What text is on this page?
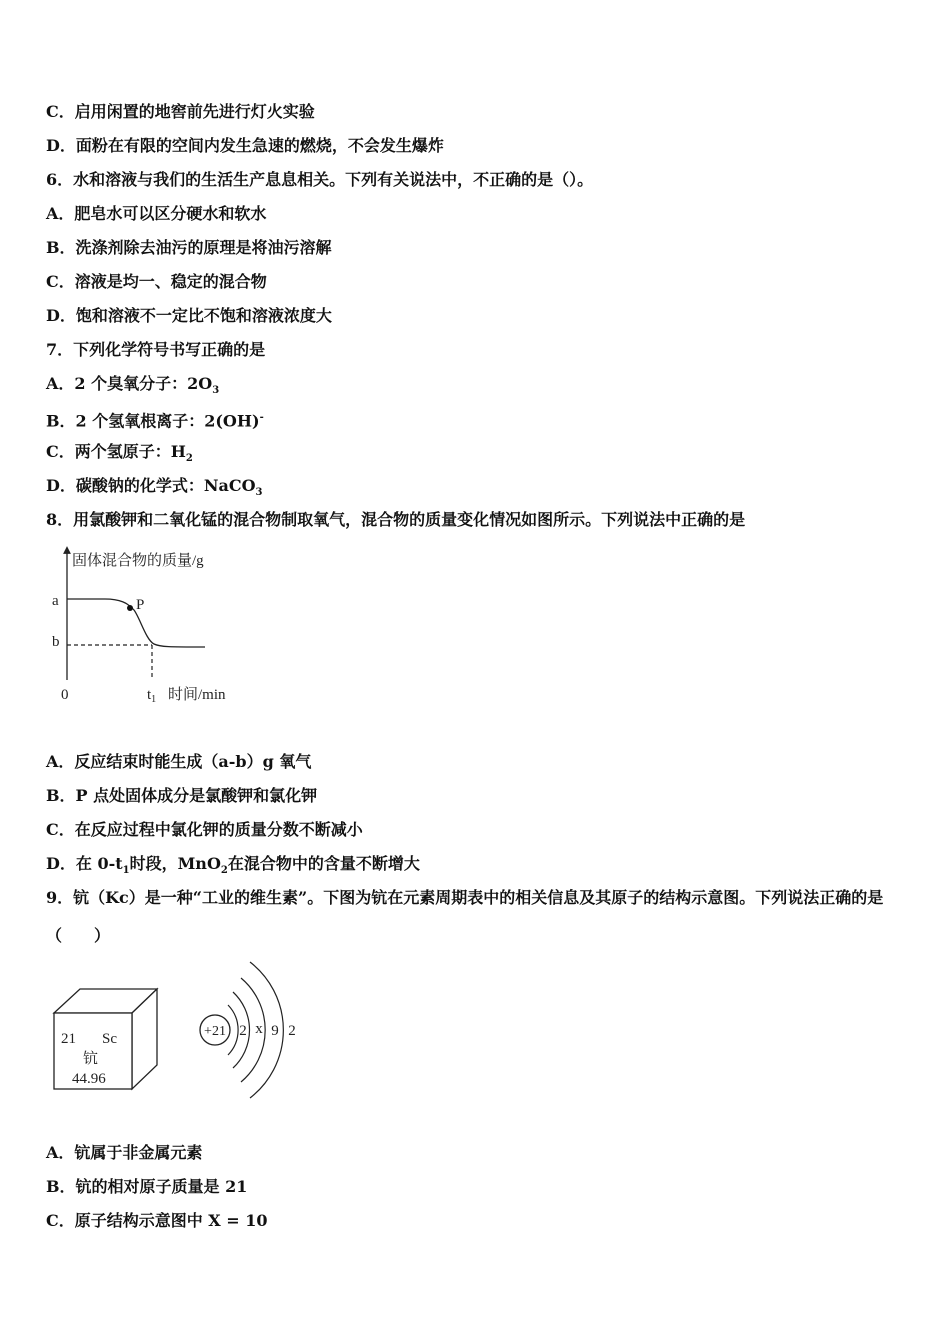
C．启用闲置的地窖前先进行灯火实验
D．面粉在有限的空间内发生急速的燃烧，不会发生爆炸
6．水和溶液与我们的生活生产息息相关。下列有关说法中，不正确的是（）。
A．肥皂水可以区分硬水和软水
B．洗涤剂除去油污的原理是将油污溶解
C．溶液是均一、稳定的混合物
D．饱和溶液不一定比不饱和溶液浓度大
7．下列化学符号书写正确的是
A．2 个臭氧分子：$2O_3$
B．2 个氢氧根离子：2(OH)-
C．两个氢原子：$H_2$
D．碳酸钠的化学式：NaCO$_3$
8．用氯酸钾和二氧化锰的混合物制取氧气，混合物的质量变化情况如图所示。下列说法中正确的是
固体混合物的质量/g
a
b
0
P
$t_1$ 时间/min
A．反应结束时能生成（a-b）g 氧气
B．P 点处固体成分是氯酸钾和氯化钾
C．在反应过程中氯化钾的质量分数不断减小
D．在 $0-t_1$时段，MnO$_2$在混合物中的含量不断增大
9．钪（Kc）是一种“工业的维生素”。下图为钪在元素周期表中的相关信息及其原子的结构示意图。下列说法正确的是
（　　）
21 Sc
钪
44.96
+21 2 x 9 2
A．钪属于非金属元素
B．钪的相对原子质量是 21
C．原子结构示意图中 X = 10
